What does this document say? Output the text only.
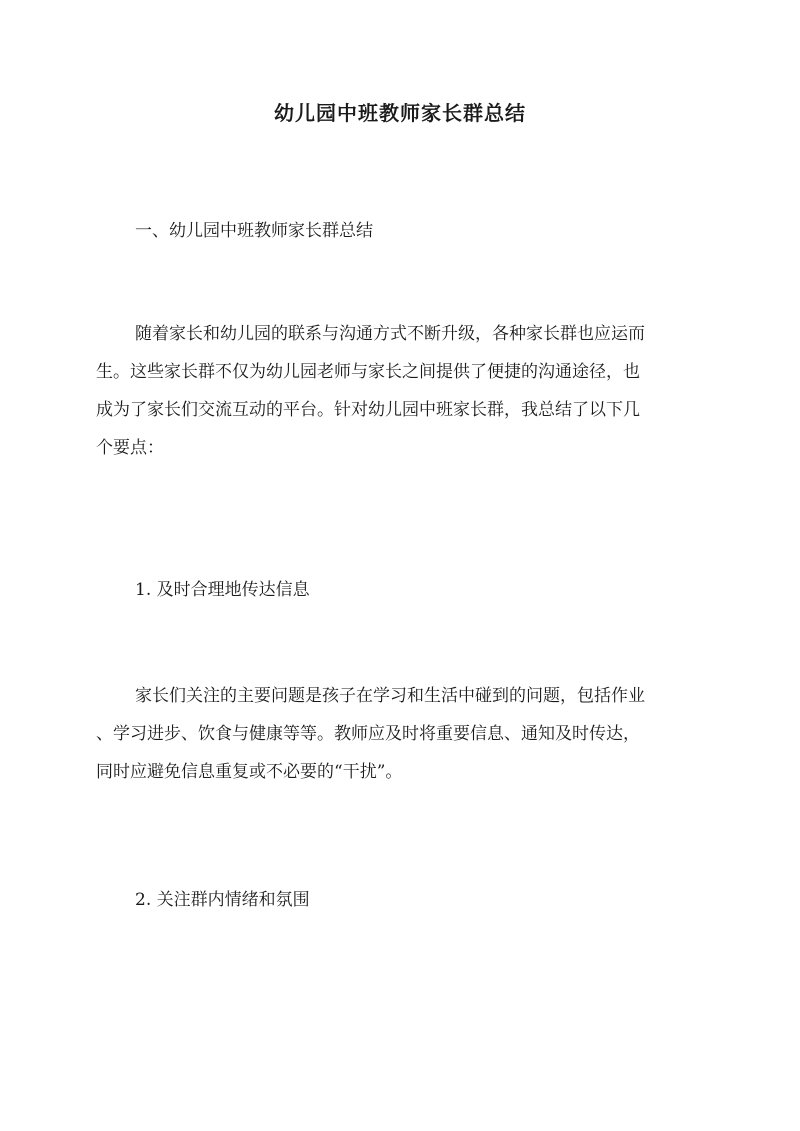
幼儿园中班教师家长群总结
一、幼儿园中班教师家长群总结
随着家长和幼儿园的联系与沟通方式不断升级，各种家长群也应运而
生。这些家长群不仅为幼儿园老师与家长之间提供了便捷的沟通途径，也
成为了家长们交流互动的平台。针对幼儿园中班家长群，我总结了以下几
个要点：
1. 及时合理地传达信息
家长们关注的主要问题是孩子在学习和生活中碰到的问题，包括作业
、学习进步、饮食与健康等等。教师应及时将重要信息、通知及时传达，
同时应避免信息重复或不必要的“干扰”。
2. 关注群内情绪和氛围
